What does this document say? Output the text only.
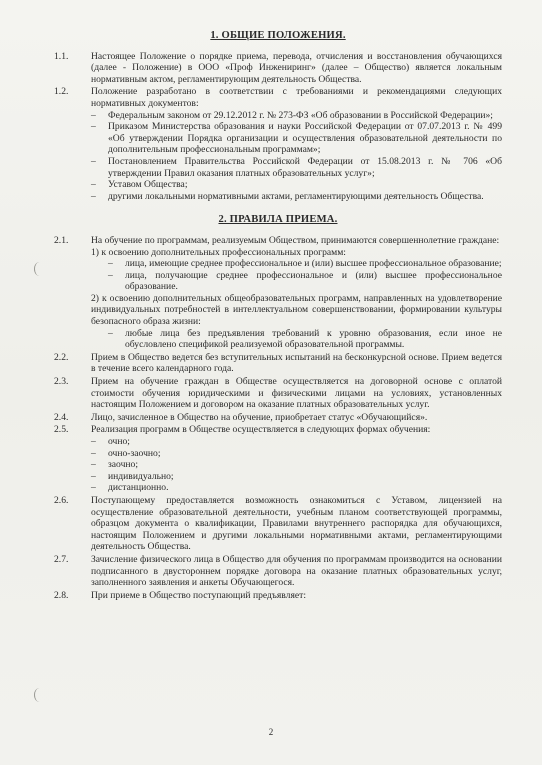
1. ОБЩИЕ ПОЛОЖЕНИЯ.
1.1.	Настоящее Положение о порядке приема, перевода, отчисления и восстановления обучающихся (далее - Положение) в ООО «Проф Инжениринг» (далее – Общество) является локальным нормативным актом, регламентирующим деятельность Общества.
1.2.	Положение разработано в соответствии с требованиями и рекомендациями следующих нормативных документов:
–	Федеральным законом от 29.12.2012 г. № 273-ФЗ «Об образовании в Российской Федерации»;
–	Приказом Министерства образования и науки Российской Федерации от 07.07.2013 г. № 499 «Об утверждении Порядка организации и осуществления образовательной деятельности по дополнительным профессиональным программам»;
–	Постановлением Правительства Российской Федерации от 15.08.2013 г. № 706 «Об утверждении Правил оказания платных образовательных услуг»;
–	Уставом Общества;
–	другими локальными нормативными актами, регламентирующими деятельность Общества.
2. ПРАВИЛА ПРИЕМА.
2.1.	На обучение по программам, реализуемым Обществом, принимаются совершеннолетние граждане:
1) к освоению дополнительных профессиональных программ:
–	лица, имеющие среднее профессиональное и (или) высшее профессиональное образование;
–	лица, получающие среднее профессиональное и (или) высшее профессиональное образование.
2) к освоению дополнительных общеобразовательных программ, направленных на удовлетворение индивидуальных потребностей в интеллектуальном совершенствовании, формировании культуры безопасного образа жизни:
–	любые лица без предъявления требований к уровню образования, если иное не обусловлено спецификой реализуемой образовательной программы.
2.2.	Прием в Общество ведется без вступительных испытаний на бесконкурсной основе. Прием ведется в течение всего календарного года.
2.3.	Прием на обучение граждан в Обществе осуществляется на договорной основе с оплатой стоимости обучения юридическими и физическими лицами на условиях, установленных настоящим Положением и договором на оказание платных образовательных услуг.
2.4.	Лицо, зачисленное в Общество на обучение, приобретает статус «Обучающийся».
2.5.	Реализация программ в Обществе осуществляется в следующих формах обучения:
–	очно;
–	очно-заочно;
–	заочно;
–	индивидуально;
–	дистанционно.
2.6.	Поступающему предоставляется возможность ознакомиться с Уставом, лицензией на осуществление образовательной деятельности, учебным планом соответствующей программы, образцом документа о квалификации, Правилами внутреннего распорядка для обучающихся, настоящим Положением и другими локальными нормативными актами, регламентирующими деятельность Общества.
2.7.	Зачисление физического лица в Общество для обучения по программам производится на основании подписанного в двустороннем порядке договора на оказание платных образовательных услуг, заполненного заявления и анкеты Обучающегося.
2.8.	При приеме в Общество поступающий предъявляет:
2
